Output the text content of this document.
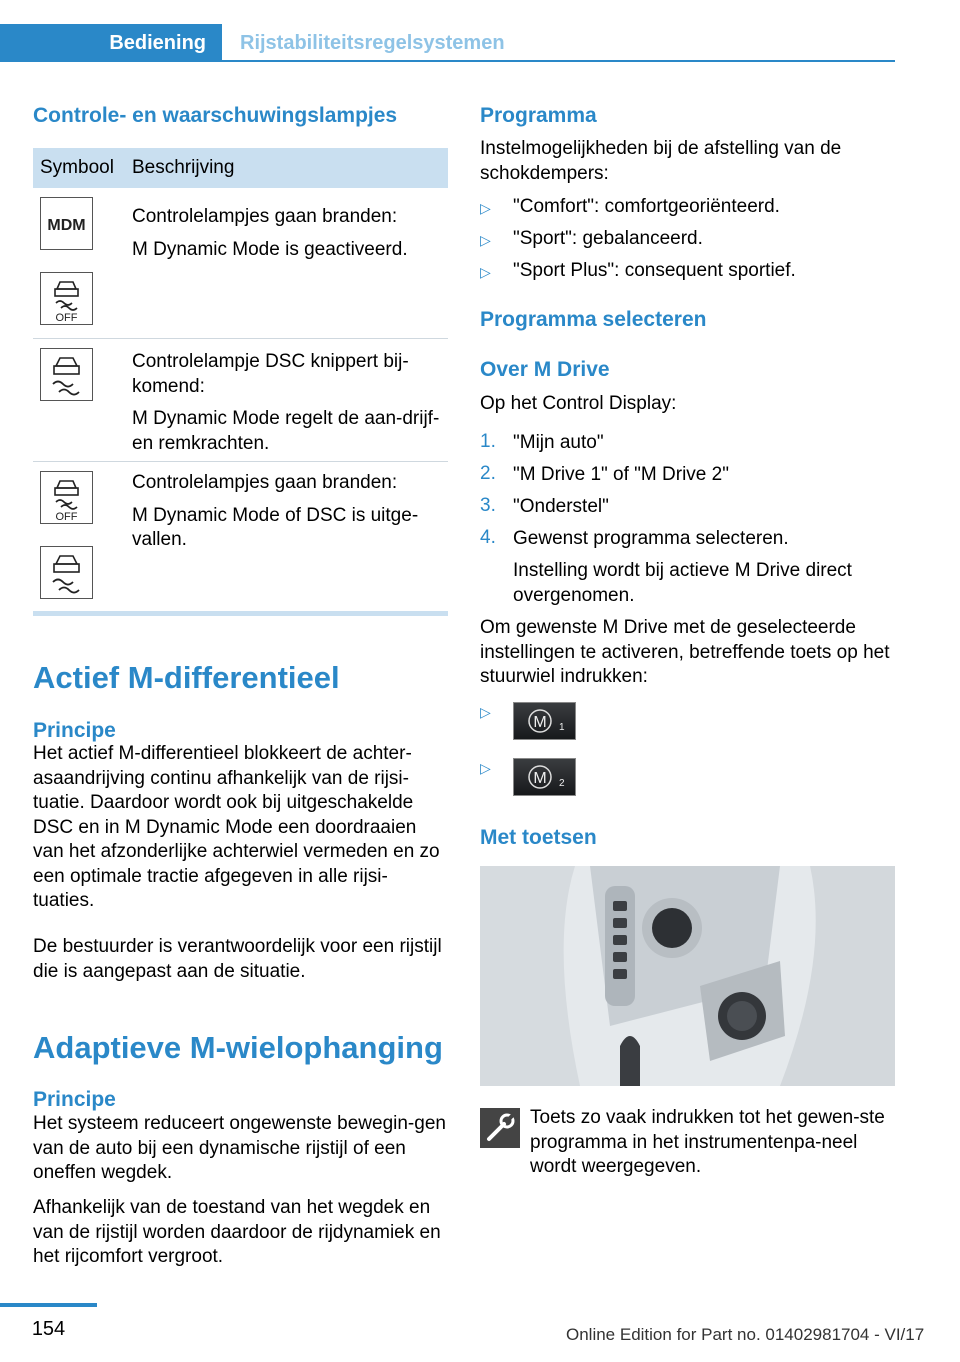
Bediening	Rijstabiliteitsregelsystemen
Controle- en waarschuwingslampjes
Symbool Beschrijving
MDM
OFF
Controlelampjes gaan branden:
M Dynamic Mode is geactiveerd.
Controlelampje DSC knippert bij-komend:
M Dynamic Mode regelt de aan-drijf- en remkrachten.
OFF
Controlelampjes gaan branden:
M Dynamic Mode of DSC is uitge-vallen.
Actief M-differentieel
Principe
Het actief M-differentieel blokkeert de achter-asaandrijving continu afhankelijk van de rijsi-tuatie. Daardoor wordt ook bij uitgeschakelde DSC en in M Dynamic Mode een doordraaien van het afzonderlijke achterwiel vermeden en zo een optimale tractie afgegeven in alle rijsi-tuaties.
De bestuurder is verantwoordelijk voor een rijstijl die is aangepast aan de situatie.
Adaptieve M-wielophanging
Principe
Het systeem reduceert ongewenste bewegin-gen van de auto bij een dynamische rijstijl of een oneffen wegdek.
Afhankelijk van de toestand van het wegdek en van de rijstijl worden daardoor de rijdynamiek en het rijcomfort vergroot.
Programma
Instelmogelijkheden bij de afstelling van de schokdempers:
▷ "Comfort": comfortgeoriënteerd.
▷ "Sport": gebalanceerd.
▷ "Sport Plus": consequent sportief.
Programma selecteren
Over M Drive
Op het Control Display:
1. "Mijn auto"
2. "M Drive 1" of "M Drive 2"
3. "Onderstel"
4. Gewenst programma selecteren.
Instelling wordt bij actieve M Drive direct overgenomen.
Om gewenste M Drive met de geselecteerde instellingen te activeren, betreffende toets op het stuurwiel indrukken:
▷
M 1
▷
M 2
Met toetsen
Toets zo vaak indrukken tot het gewen-ste programma in het instrumentenpa-neel wordt weergegeven.
154	Online Edition for Part no. 01402981704 - VI/17
